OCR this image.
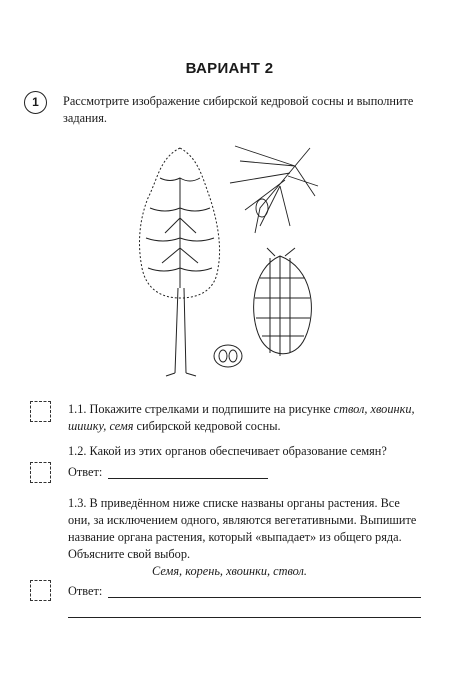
ВАРИАНТ 2
1	Рассмотрите изображение сибирской кедровой сосны и выполните задания.
1.1. Покажите стрелками и подпишите на рисунке ствол, хвоинки, шишку, семя сибирской кедровой сосны.
1.2. Какой из этих органов обеспечивает образование семян?
Ответ:
1.3. В приведённом ниже списке названы органы растения. Все они, за исключением одного, являются вегетативными. Выпишите название органа растения, который «выпадает» из общего ряда. Объясните свой выбор.
Семя, корень, хвоинки, ствол.
Ответ:
